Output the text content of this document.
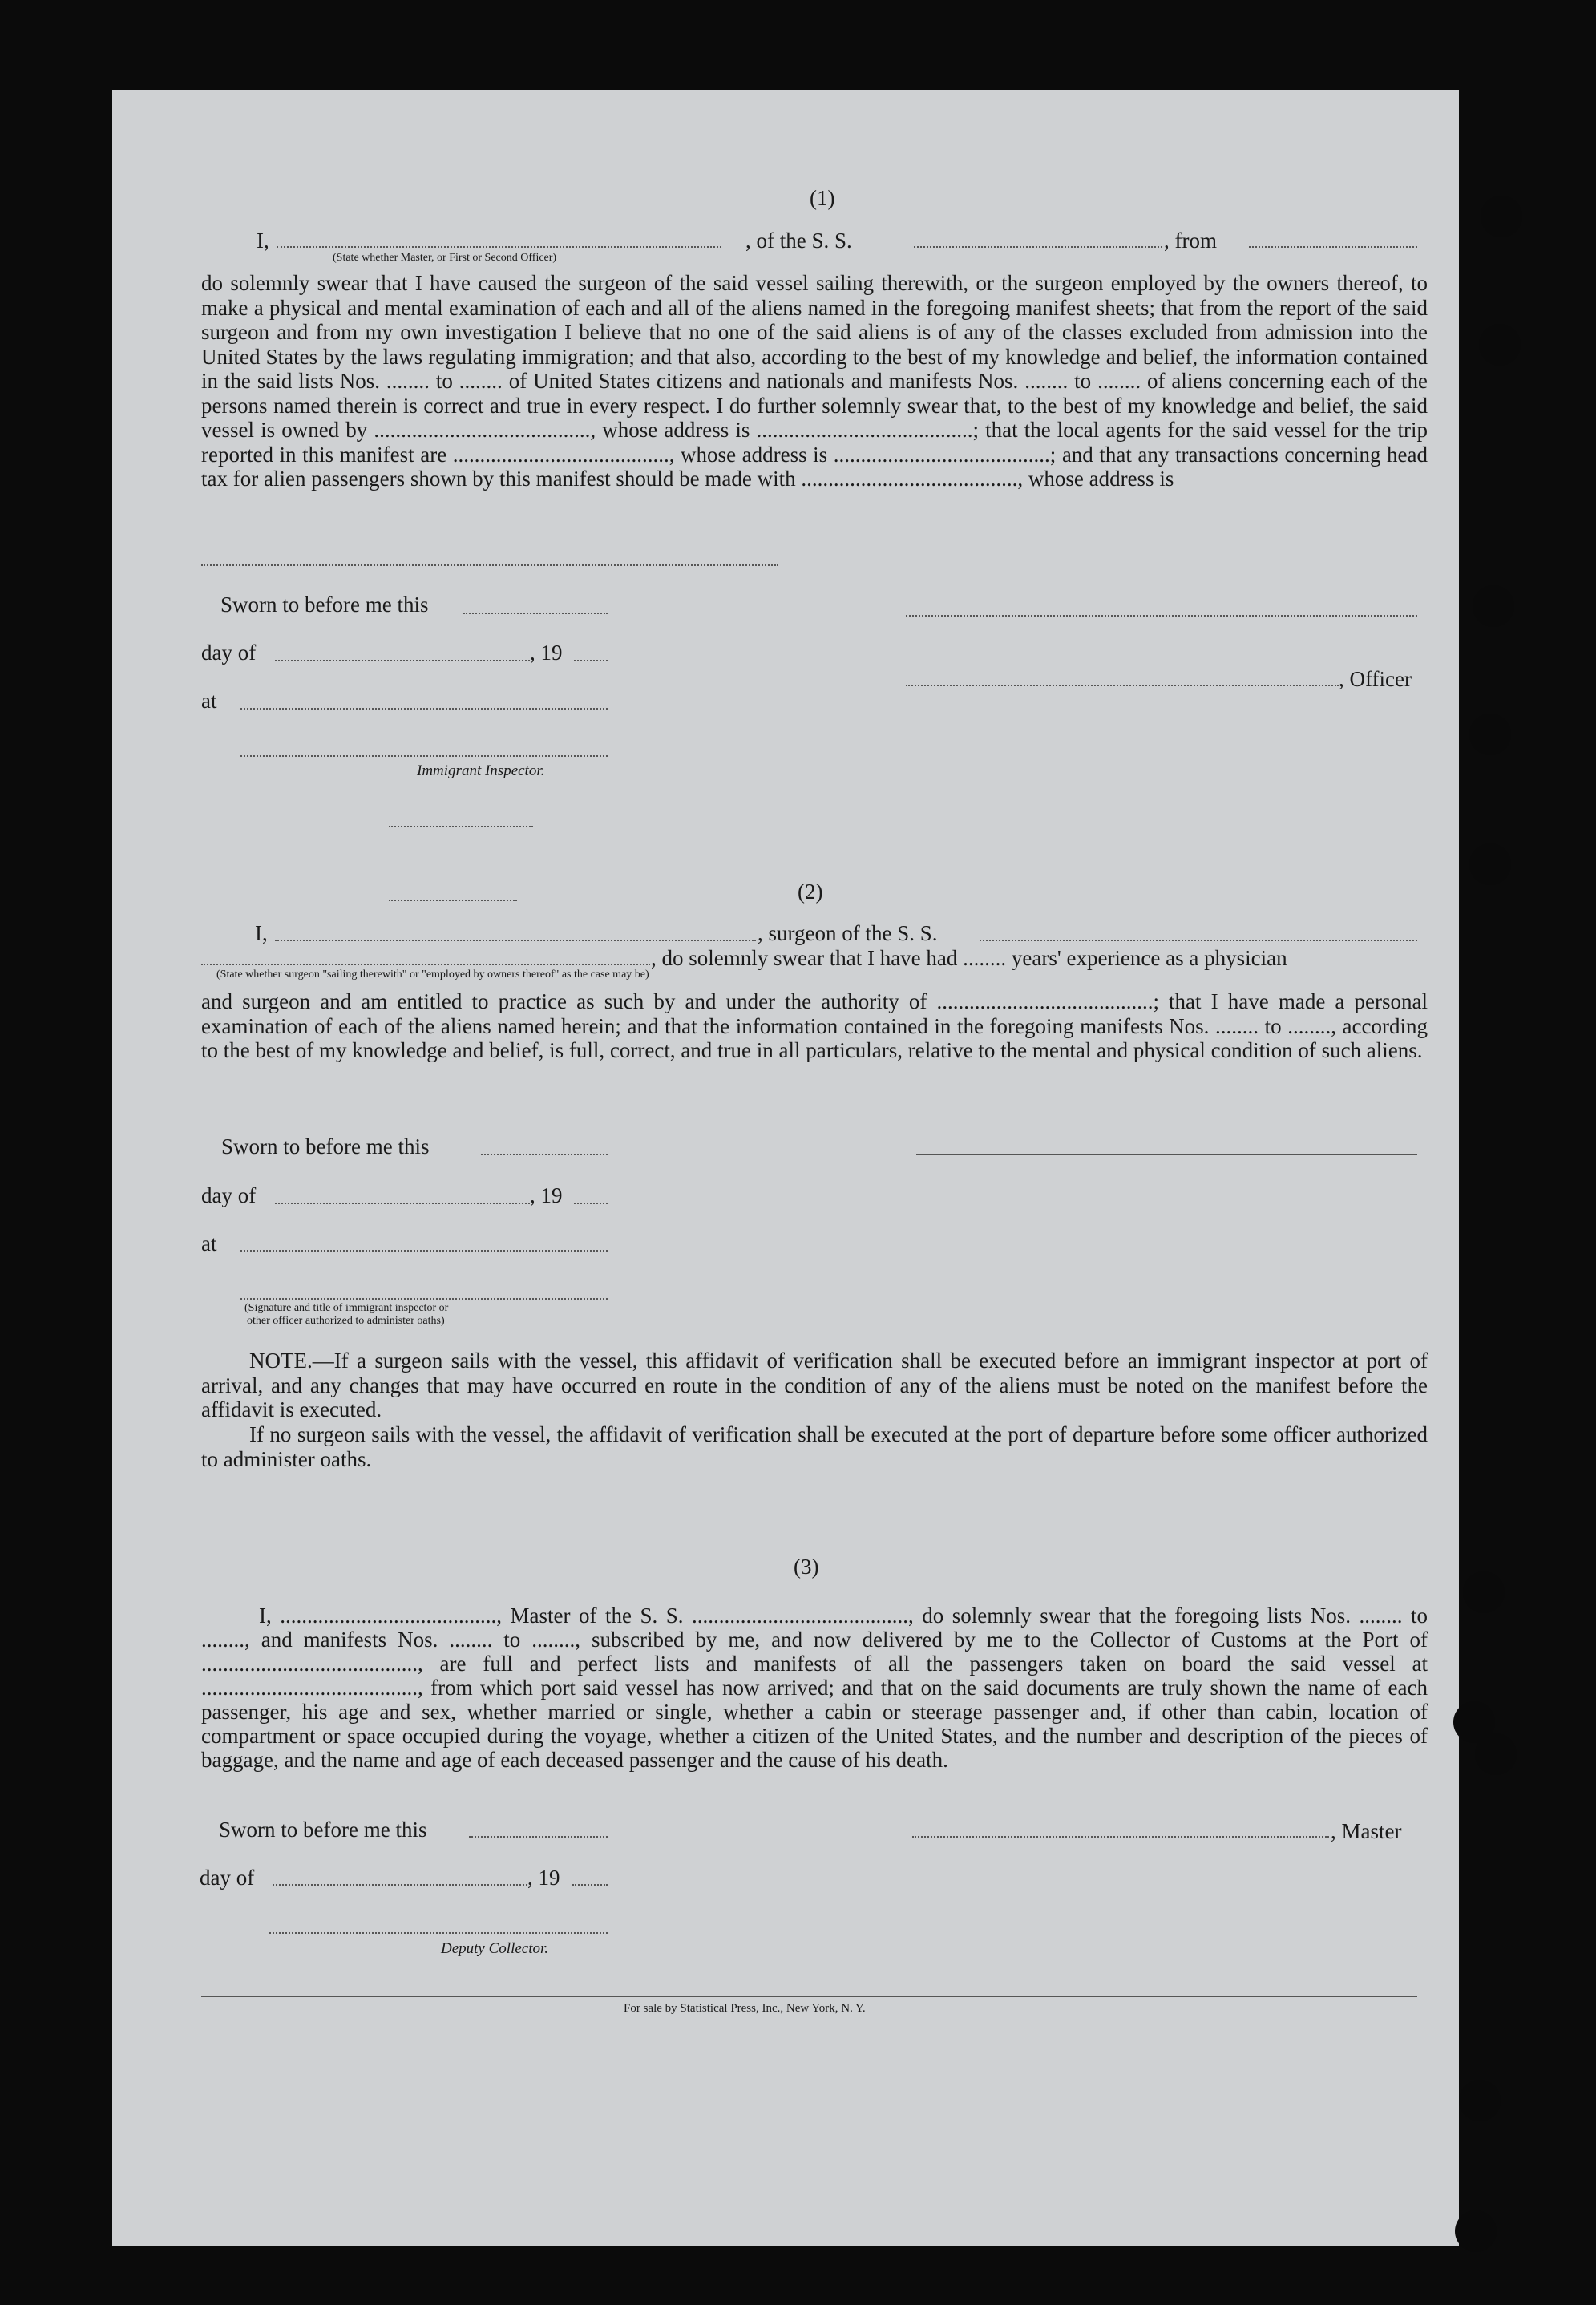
(1)
I,	, of the S. S.	, from
(State whether Master, or First or Second Officer)
do solemnly swear that I have caused the surgeon of the said vessel sailing therewith, or the surgeon employed by the owners thereof, to make a physical and mental examination of each and all of the aliens named in the foregoing manifest sheets; that from the report of the said surgeon and from my own investigation I believe that no one of the said aliens is of any of the classes excluded from admission into the United States by the laws regulating immigration; and that also, according to the best of my knowledge and belief, the information contained in the said lists Nos. ........ to ........ of United States citizens and nationals and manifests Nos. ........ to ........ of aliens concerning each of the persons named therein is correct and true in every respect. I do further solemnly swear that, to the best of my knowledge and belief, the said vessel is owned by ........................................, whose address is ........................................; that the local agents for the said vessel for the trip reported in this manifest are ........................................, whose address is ........................................; and that any transactions concerning head tax for alien passengers shown by this manifest should be made with ........................................, whose address is
Sworn to before me this
day of	, 19
at
Immigrant Inspector.
, Officer
(2)
I,	, surgeon of the S. S.
, do solemnly swear that I have had ........ years' experience as a physician
(State whether surgeon "sailing therewith" or "employed by owners thereof" as the case may be)
and surgeon and am entitled to practice as such by and under the authority of ........................................; that I have made a personal examination of each of the aliens named herein; and that the information contained in the foregoing manifests Nos. ........ to ........, according to the best of my knowledge and belief, is full, correct, and true in all particulars, relative to the mental and physical condition of such aliens.
Sworn to before me this
day of	, 19
at
(Signature and title of immigrant inspector or
other officer authorized to administer oaths)
NOTE.—If a surgeon sails with the vessel, this affidavit of verification shall be executed before an immigrant inspector at port of arrival, and any changes that may have occurred en route in the condition of any of the aliens must be noted on the manifest before the affidavit is executed.
If no surgeon sails with the vessel, the affidavit of verification shall be executed at the port of departure before some officer authorized to administer oaths.
(3)
I, ........................................, Master of the S. S. ........................................, do solemnly swear that the foregoing lists Nos. ........ to ........, and manifests Nos. ........ to ........, subscribed by me, and now delivered by me to the Collector of Customs at the Port of ........................................, are full and perfect lists and manifests of all the passengers taken on board the said vessel at ........................................, from which port said vessel has now arrived; and that on the said documents are truly shown the name of each passenger, his age and sex, whether married or single, whether a cabin or steerage passenger and, if other than cabin, location of compartment or space occupied during the voyage, whether a citizen of the United States, and the number and description of the pieces of baggage, and the name and age of each deceased passenger and the cause of his death.
Sworn to before me this	, Master
day of	, 19
Deputy Collector.
For sale by Statistical Press, Inc., New York, N. Y.
